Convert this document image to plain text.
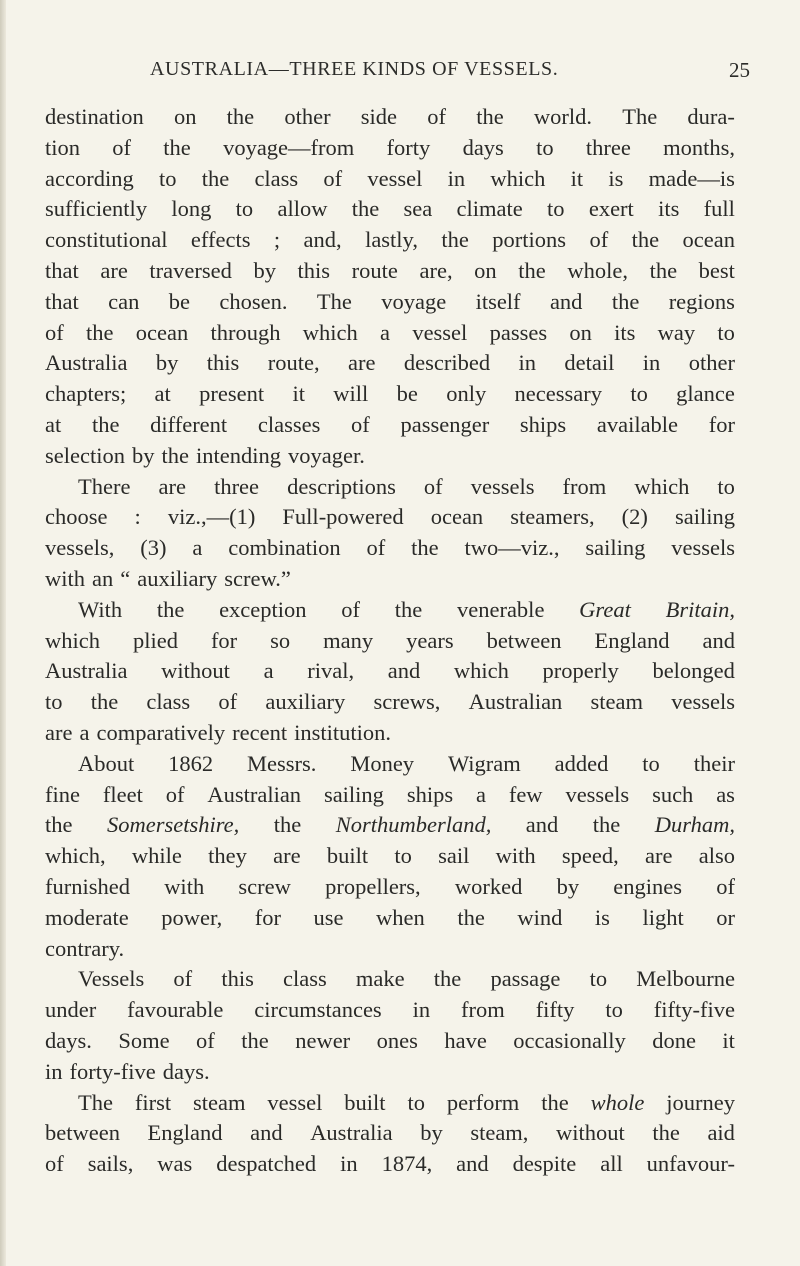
AUSTRALIA—THREE KINDS OF VESSELS.	25
destination on the other side of the world. The dura-
tion of the voyage—from forty days to three months,
according to the class of vessel in which it is made—is
sufficiently long to allow the sea climate to exert its full
constitutional effects ; and, lastly, the portions of the ocean
that are traversed by this route are, on the whole, the best
that can be chosen. The voyage itself and the regions
of the ocean through which a vessel passes on its way to
Australia by this route, are described in detail in other
chapters; at present it will be only necessary to glance
at the different classes of passenger ships available for
selection by the intending voyager.
There are three descriptions of vessels from which to
choose : viz.,—(1) Full-powered ocean steamers, (2) sailing
vessels, (3) a combination of the two—viz., sailing vessels
with an “ auxiliary screw.”
With the exception of the venerable Great Britain,
which plied for so many years between England and
Australia without a rival, and which properly belonged
to the class of auxiliary screws, Australian steam vessels
are a comparatively recent institution.
About 1862 Messrs. Money Wigram added to their
fine fleet of Australian sailing ships a few vessels such as
the Somersetshire, the Northumberland, and the Durham,
which, while they are built to sail with speed, are also
furnished with screw propellers, worked by engines of
moderate power, for use when the wind is light or
contrary.
Vessels of this class make the passage to Melbourne
under favourable circumstances in from fifty to fifty-five
days. Some of the newer ones have occasionally done it
in forty-five days.
The first steam vessel built to perform the whole journey
between England and Australia by steam, without the aid
of sails, was despatched in 1874, and despite all unfavour-
